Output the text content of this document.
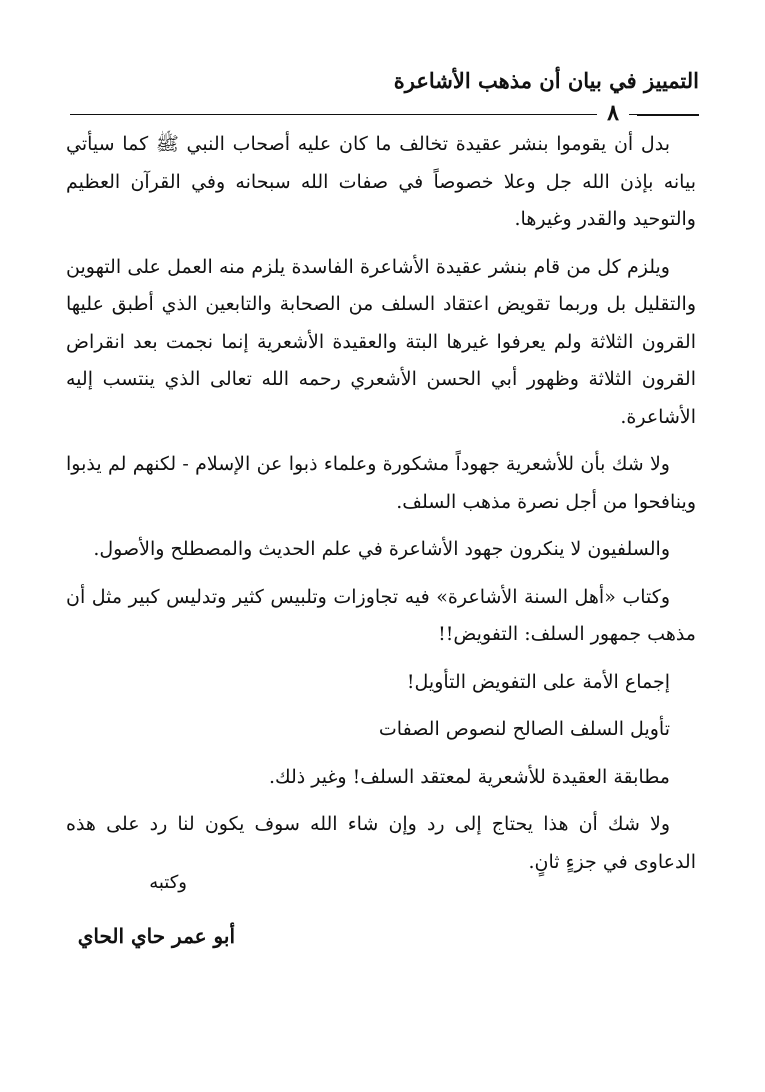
التمييز في بيان أن مذهب الأشاعرة
٨

بدل أن يقوموا بنشر عقيدة تخالف ما كان عليه أصحاب النبي ﷺ كما سيأتي بيانه بإذن الله جل وعلا خصوصاً في صفات الله سبحانه وفي القرآن العظيم والتوحيد والقدر وغيرها.

ويلزم كل من قام بنشر عقيدة الأشاعرة الفاسدة يلزم منه العمل على التهوين والتقليل بل وربما تقويض اعتقاد السلف من الصحابة والتابعين الذي أطبق عليها القرون الثلاثة ولم يعرفوا غيرها البتة والعقيدة الأشعرية إنما نجمت بعد انقراض القرون الثلاثة وظهور أبي الحسن الأشعري رحمه الله تعالى الذي ينتسب إليه الأشاعرة.

ولا شك بأن للأشعرية جهوداً مشكورة وعلماء ذبوا عن الإسلام - لكنهم لم يذبوا وينافحوا من أجل نصرة مذهب السلف.

والسلفيون لا ينكرون جهود الأشاعرة في علم الحديث والمصطلح والأصول.

وكتاب «أهل السنة الأشاعرة» فيه تجاوزات وتلبيس كثير وتدليس كبير مثل أن مذهب جمهور السلف: التفويض!!

إجماع الأمة على التفويض التأويل!

تأويل السلف الصالح لنصوص الصفات

مطابقة العقيدة للأشعرية لمعتقد السلف! وغير ذلك.

ولا شك أن هذا يحتاج إلى رد وإن شاء الله سوف يكون لنا رد على هذه الدعاوى في جزءٍ ثانٍ.

وكتبه
أبو عمر حاي الحاي
